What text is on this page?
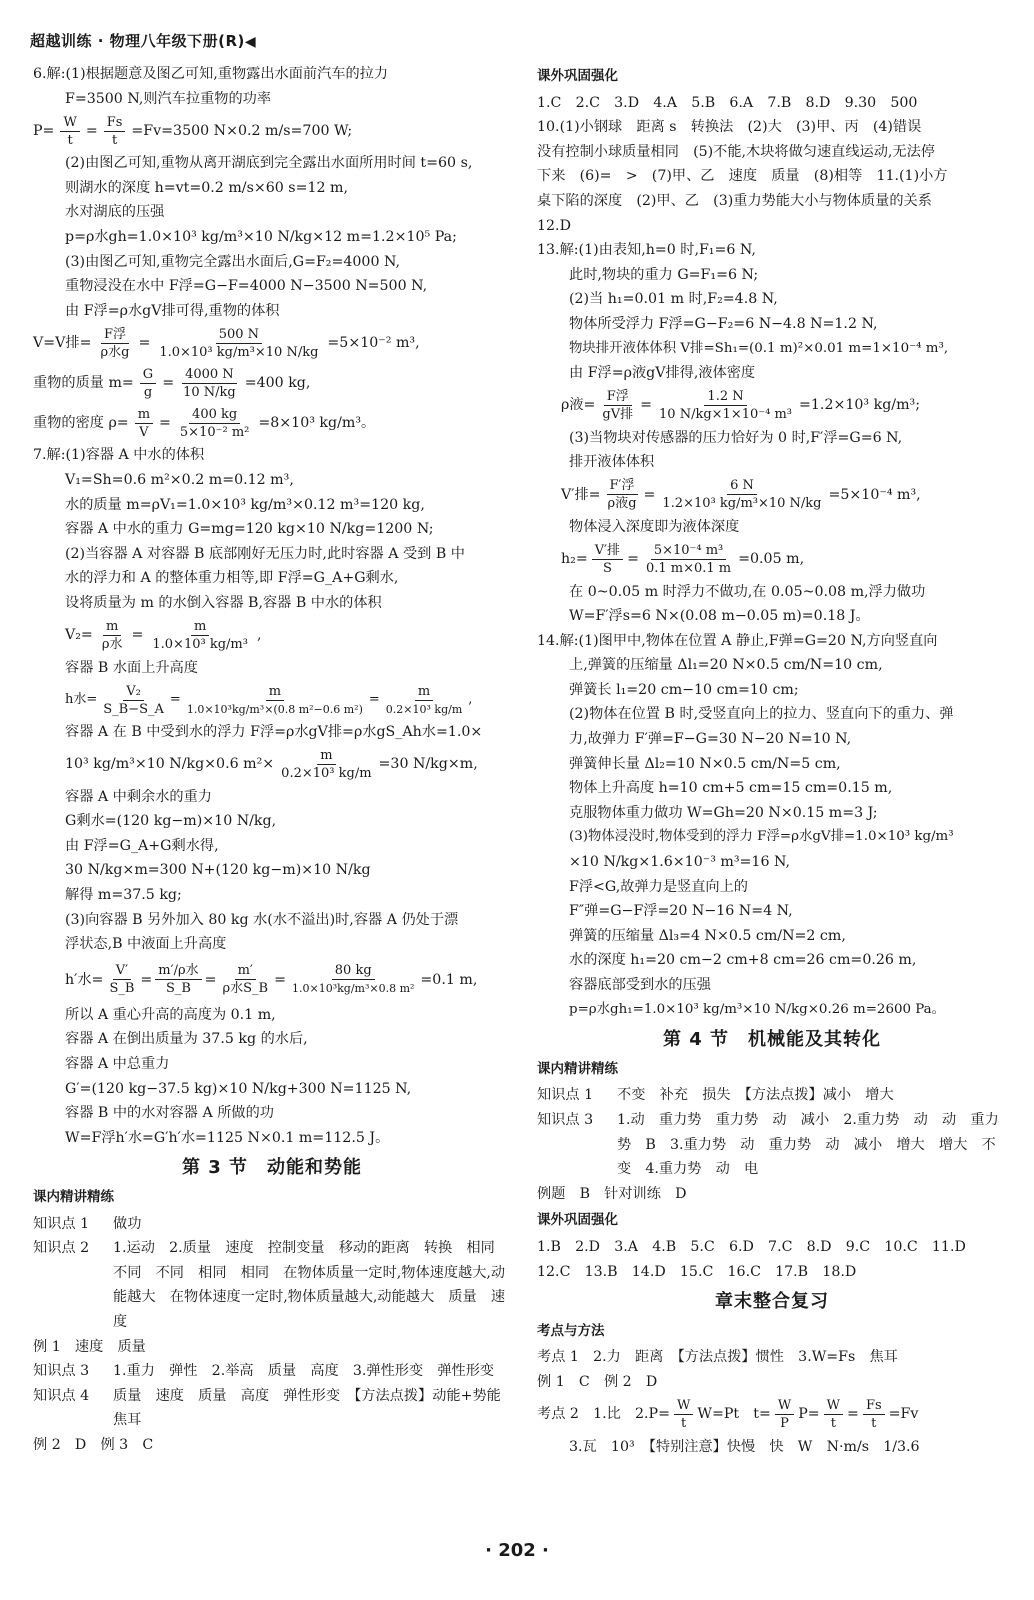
超越训练 · 物理八年级下册(R)◀
6.解:(1)根据题意及图乙可知,重物露出水面前汽车的拉力
F=3500 N,则汽车拉重物的功率
$P= \frac{W}{t} = \frac{Fs}{t} =Fv=3500$ N×0.2 m/s=700 W;
(2)由图乙可知,重物从离开湖底到完全露出水面所用时间 t=60 s,
则湖水的深度 h=vt=0.2 m/s×60 s=12 m,
水对湖底的压强
p=ρ水gh=1.0×10³ kg/m³×10 N/kg×12 m=1.2×10⁵ Pa;
(3)由图乙可知,重物完全露出水面后,G=F₂=4000 N,
重物浸没在水中 F浮=G−F=4000 N−3500 N=500 N,
由 F浮=ρ水gV排可得,重物的体积
V=V排= $\frac{\text{F浮}}{\text{ρ水g}} = \frac{500 N}{\text{1.0×10³ kg/m³×10 N/kg}} =5\times 10^{-2}$ m³,
重物的质量 $m= \frac{G}{g} = \frac{4000 N}{10 N/kg} =400$ kg,
重物的密度 $\rho= \frac{m}{V} = \frac{400 kg}{\text{5×10⁻² m²}} =8\times 10^3$ kg/m³。
7.解:(1)容器 A 中水的体积
V₁=Sh=0.6 m²×0.2 m=0.12 m³,
水的质量 m=ρV₁=1.0×10³ kg/m³×0.12 m³=120 kg,
容器 A 中水的重力 G=mg=120 kg×10 N/kg=1200 N;
(2)当容器 A 对容器 B 底部刚好无压力时,此时容器 A 受到 B 中
水的浮力和 A 的整体重力相等,即 F浮=G_A+G剩水,
设将质量为 m 的水倒入容器 B,容器 B 中水的体积
$V_2= \frac{m}{\text{ρ水}} = \frac{m}{\text{1.0×10³ kg/m³}}$ ,
容器 B 水面上升高度
h水= $\frac{\text{V₂}}{S\_B-S\_A} = \frac{m}{\text{1.0×10³kg/m³×(0.8 m²−0.6 m²)}} = \frac{m}{\text{0.2×10³ kg/m}}$ ,
容器 A 在 B 中受到水的浮力 F浮=ρ水gV排=ρ水gS_Ah水=1.0×
10³ kg/m³×10 N/kg×0.6 $m^2\times \frac{m}{\text{0.2×10³ kg/m}} =30$ N/kg×m,
容器 A 中剩余水的重力
G剩水=(120 kg−m)×10 N/kg,
由 F浮=G_A+G剩水得,
30 N/kg×m=300 N+(120 kg−m)×10 N/kg
解得 m=37.5 kg;
(3)向容器 B 另外加入 80 kg 水(水不溢出)时,容器 A 仍处于漂
浮状态,B 中液面上升高度
h′水= $\frac{V'}{S\_B} = \frac{\text{m′/ρ水}}{S\_B} = \frac{m'}{\text{ρ水S\_B}} = \frac{80 kg}{\text{1.0×10³kg/m³×0.8 m²}} =0.1$ m,
所以 A 重心升高的高度为 0.1 m,
容器 A 在倒出质量为 37.5 kg 的水后,
容器 A 中总重力
G′=(120 kg−37.5 kg)×10 N/kg+300 N=1125 N,
容器 B 中的水对容器 A 所做的功
W=F浮h′水=G′h′水=1125 N×0.1 m=112.5 J。
第 3 节　动能和势能
课内精讲精练
知识点 1	做功
知识点 2	1.运动　2.质量　速度　控制变量　移动的距离　转换　相同　不同　不同　相同　相同　在物体质量一定时,物体速度越大,动能越大　在物体速度一定时,物体质量越大,动能越大　质量　速度
例 1　速度　质量
知识点 3	1.重力　弹性　2.举高　质量　高度　3.弹性形变　弹性形变
知识点 4	质量　速度　质量　高度　弹性形变　【方法点拨】动能+势能　焦耳
例 2　D　例 3　C
课外巩固强化
1.C　2.C　3.D　4.A　5.B　6.A　7.B　8.D　9.30　500
10.(1)小钢球　距离 s　转换法　(2)大　(3)甲、丙　(4)错误
没有控制小球质量相同　(5)不能,木块将做匀速直线运动,无法停
下来　(6)=　>　(7)甲、乙　速度　质量　(8)相等　11.(1)小方
桌下陷的深度　(2)甲、乙　(3)重力势能大小与物体质量的关系
12.D
13.解:(1)由表知,h=0 时,F₁=6 N,
此时,物块的重力 G=F₁=6 N;
(2)当 h₁=0.01 m 时,F₂=4.8 N,
物体所受浮力 F浮=G−F₂=6 N−4.8 N=1.2 N,
物块排开液体体积 V排=Sh₁=(0.1 m)²×0.01 m=1×10⁻⁴ m³,
由 F浮=ρ液gV排得,液体密度
ρ液= $\frac{\text{F浮}}{\text{gV排}} = \frac{1.2 N}{\text{10 N/kg×1×10⁻⁴ m³}} =1.2\times 10^3$ kg/m³;
(3)当物块对传感器的压力恰好为 0 时,F′浮=G=6 N,
排开液体体积
V′排= $\frac{\text{F′浮}}{\text{ρ液g}} = \frac{6 N}{\text{1.2×10³ kg/m³×10 N/kg}} =5\times 10^{-4}$ m³,
物体浸入深度即为液体深度
$h_2= \frac{\text{V′排}}{S} = \frac{\text{5×10⁻⁴ m³}}{0.1 m\times 0.1 m} =0.05$ m,
在 0~0.05 m 时浮力不做功,在 0.05~0.08 m,浮力做功
W=F′浮s=6 N×(0.08 m−0.05 m)=0.18 J。
14.解:(1)图甲中,物体在位置 A 静止,F弹=G=20 N,方向竖直向
上,弹簧的压缩量 Δl₁=20 N×0.5 cm/N=10 cm,
弹簧长 l₁=20 cm−10 cm=10 cm;
(2)物体在位置 B 时,受竖直向上的拉力、竖直向下的重力、弹
力,故弹力 F′弹=F−G=30 N−20 N=10 N,
弹簧伸长量 Δl₂=10 N×0.5 cm/N=5 cm,
物体上升高度 h=10 cm+5 cm=15 cm=0.15 m,
克服物体重力做功 W=Gh=20 N×0.15 m=3 J;
(3)物体浸没时,物体受到的浮力 F浮=ρ水gV排=1.0×10³ kg/m³
×10 N/kg×1.6×10⁻³ m³=16 N,
F浮<G,故弹力是竖直向上的
F″弹=G−F浮=20 N−16 N=4 N,
弹簧的压缩量 Δl₃=4 N×0.5 cm/N=2 cm,
水的深度 h₁=20 cm−2 cm+8 cm=26 cm=0.26 m,
容器底部受到水的压强
p=ρ水gh₁=1.0×10³ kg/m³×10 N/kg×0.26 m=2600 Pa。
第 4 节　机械能及其转化
课内精讲精练
知识点 1	不变　补充　损失　【方法点拨】减小　增大
知识点 3	1.动　重力势　重力势　动　减小　2.重力势　动　动　重力势　B　3.重力势　动　重力势　动　减小　增大　增大　不变　4.重力势　动　电
例题　B　针对训练　D
课外巩固强化
1.B　2.D　3.A　4.B　5.C　6.D　7.C　8.D　9.C　10.C　11.D
12.C　13.B　14.D　15.C　16.C　17.B　18.D
章末整合复习
考点与方法
考点 1　2.力　距离　【方法点拨】惯性　3.W=Fs　焦耳
例 1　C　例 2　D
考点 2　1.比　$2.P= \frac{W}{t} W=Pt$　$t= \frac{W}{P} P= \frac{W}{t} = \frac{Fs}{t} =Fv$
3.瓦　10³　【特别注意】快慢　快　W　N·m/s　1/3.6
· 202 ·
